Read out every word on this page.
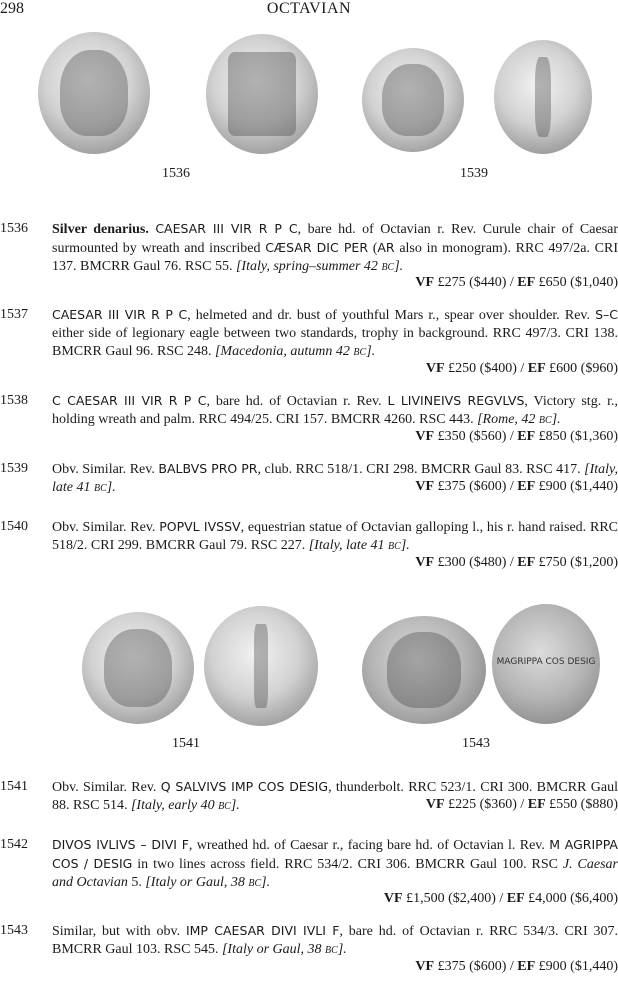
298	OCTAVIAN
1536	1539
1536 Silver denarius. CAESAR III VIR R P C, bare hd. of Octavian r. Rev. Curule chair of Caesar surmounted by wreath and inscribed CÆSAR DIC PER (AR also in monogram). RRC 497/2a. CRI 137. BMCRR Gaul 76. RSC 55. [Italy, spring–summer 42 bc].
VF £275 ($440) / EF £650 ($1,040)
1537 CAESAR III VIR R P C, helmeted and dr. bust of youthful Mars r., spear over shoulder. Rev. S–C either side of legionary eagle between two standards, trophy in background. RRC 497/3. CRI 138. BMCRR Gaul 96. RSC 248. [Macedonia, autumn 42 bc].
VF £250 ($400) / EF £600 ($960)
1538 C CAESAR III VIR R P C, bare hd. of Octavian r. Rev. L LIVINEIVS REGVLVS, Victory stg. r., holding wreath and palm. RRC 494/25. CRI 157. BMCRR 4260. RSC 443. [Rome, 42 bc].
VF £350 ($560) / EF £850 ($1,360)
1539 Obv. Similar. Rev. BALBVS PRO PR, club. RRC 518/1. CRI 298. BMCRR Gaul 83. RSC 417. [Italy, late 41 bc].	VF £375 ($600) / EF £900 ($1,440)
1540 Obv. Similar. Rev. POPVL IVSSV, equestrian statue of Octavian galloping l., his r. hand raised. RRC 518/2. CRI 299. BMCRR Gaul 79. RSC 227. [Italy, late 41 bc].
VF £300 ($480) / EF £750 ($1,200)
1541
MAGRIPPA COS DESIG
1543
1541 Obv. Similar. Rev. Q SALVIVS IMP COS DESIG, thunderbolt. RRC 523/1. CRI 300. BMCRR Gaul 88. RSC 514. [Italy, early 40 bc].	VF £225 ($360) / EF £550 ($880)
1542 DIVOS IVLIVS – DIVI F, wreathed hd. of Caesar r., facing bare hd. of Octavian l. Rev. M AGRIPPA COS / DESIG in two lines across field. RRC 534/2. CRI 306. BMCRR Gaul 100. RSC J. Caesar and Octavian 5. [Italy or Gaul, 38 bc].
VF £1,500 ($2,400) / EF £4,000 ($6,400)
1543 Similar, but with obv. IMP CAESAR DIVI IVLI F, bare hd. of Octavian r. RRC 534/3. CRI 307. BMCRR Gaul 103. RSC 545. [Italy or Gaul, 38 bc].
VF £375 ($600) / EF £900 ($1,440)
